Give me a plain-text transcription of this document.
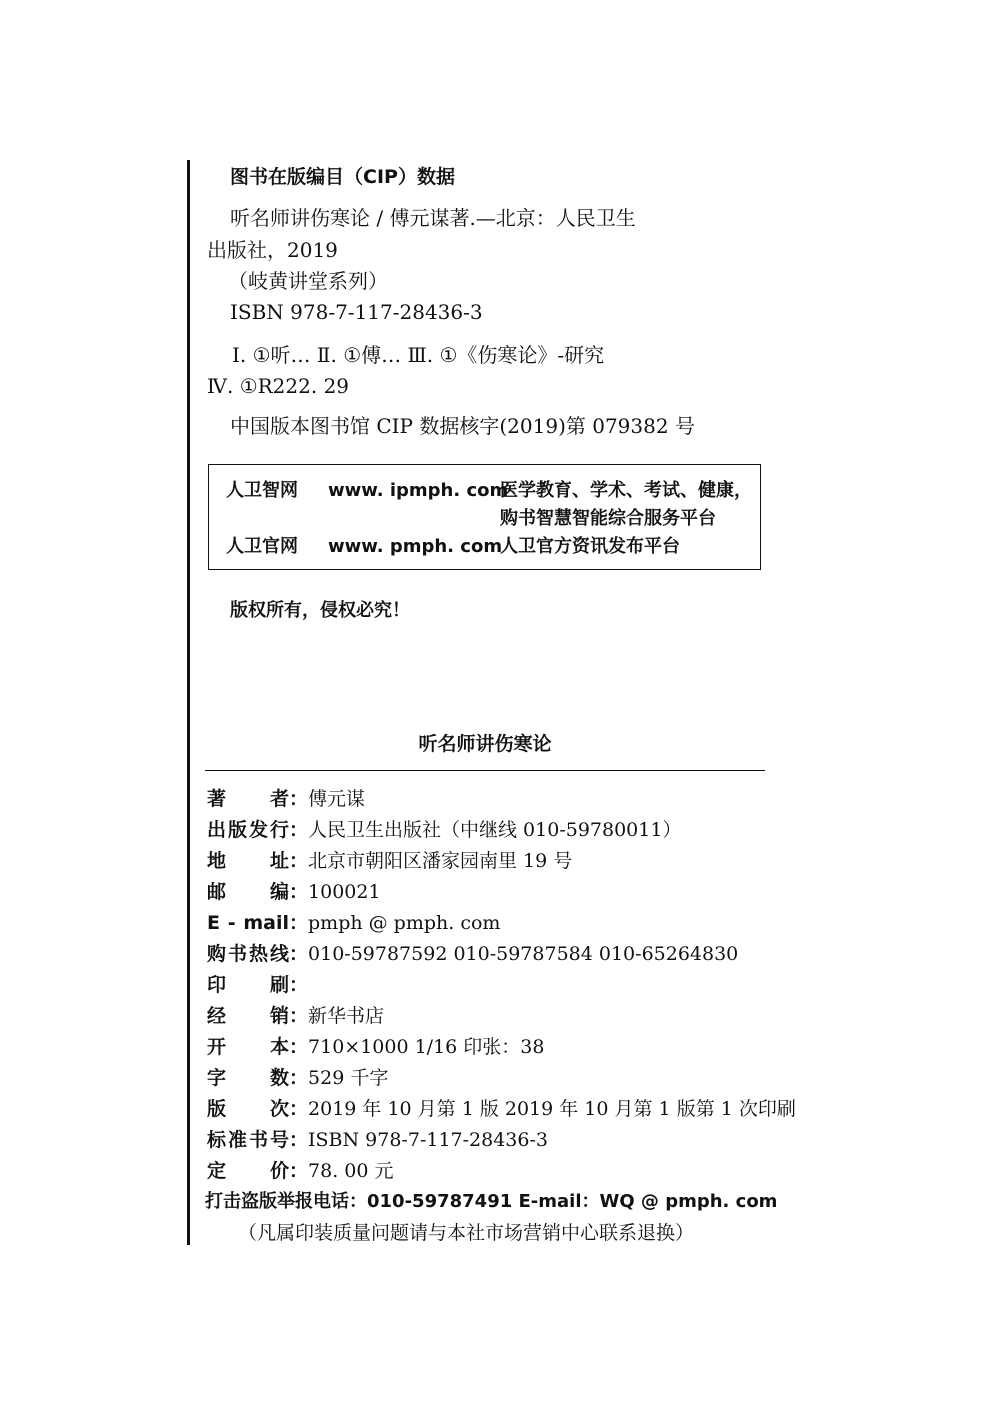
图书在版编目（CIP）数据
听名师讲伤寒论 / 傅元谋著.—北京：人民卫生
出版社，2019
（岐黄讲堂系列）
ISBN 978-7-117-28436-3
Ⅰ. ①听… Ⅱ. ①傅… Ⅲ. ①《伤寒论》-研究
Ⅳ. ①R222. 29
中国版本图书馆 CIP 数据核字(2019)第 079382 号
人卫智网 www. ipmph. com
医学教育、学术、考试、健康，
购书智慧智能综合服务平台
人卫官网 www. pmph. com
人卫官方资讯发布平台
版权所有，侵权必究！
听名师讲伤寒论
著　　者：傅元谋
出版发行：人民卫生出版社（中继线 010-59780011）
地　　址：北京市朝阳区潘家园南里 19 号
邮　　编：100021
E - mail：pmph @ pmph. com
购书热线：010-59787592 010-59787584 010-65264830
印　　刷：
经　　销：新华书店
开　　本：710×1000 1/16 印张：38
字　　数：529 千字
版　　次：2019 年 10 月第 1 版 2019 年 10 月第 1 版第 1 次印刷
标准书号：ISBN 978-7-117-28436-3
定　　价：78. 00 元
打击盗版举报电话：010-59787491 E-mail：WQ @ pmph. com
（凡属印装质量问题请与本社市场营销中心联系退换）
